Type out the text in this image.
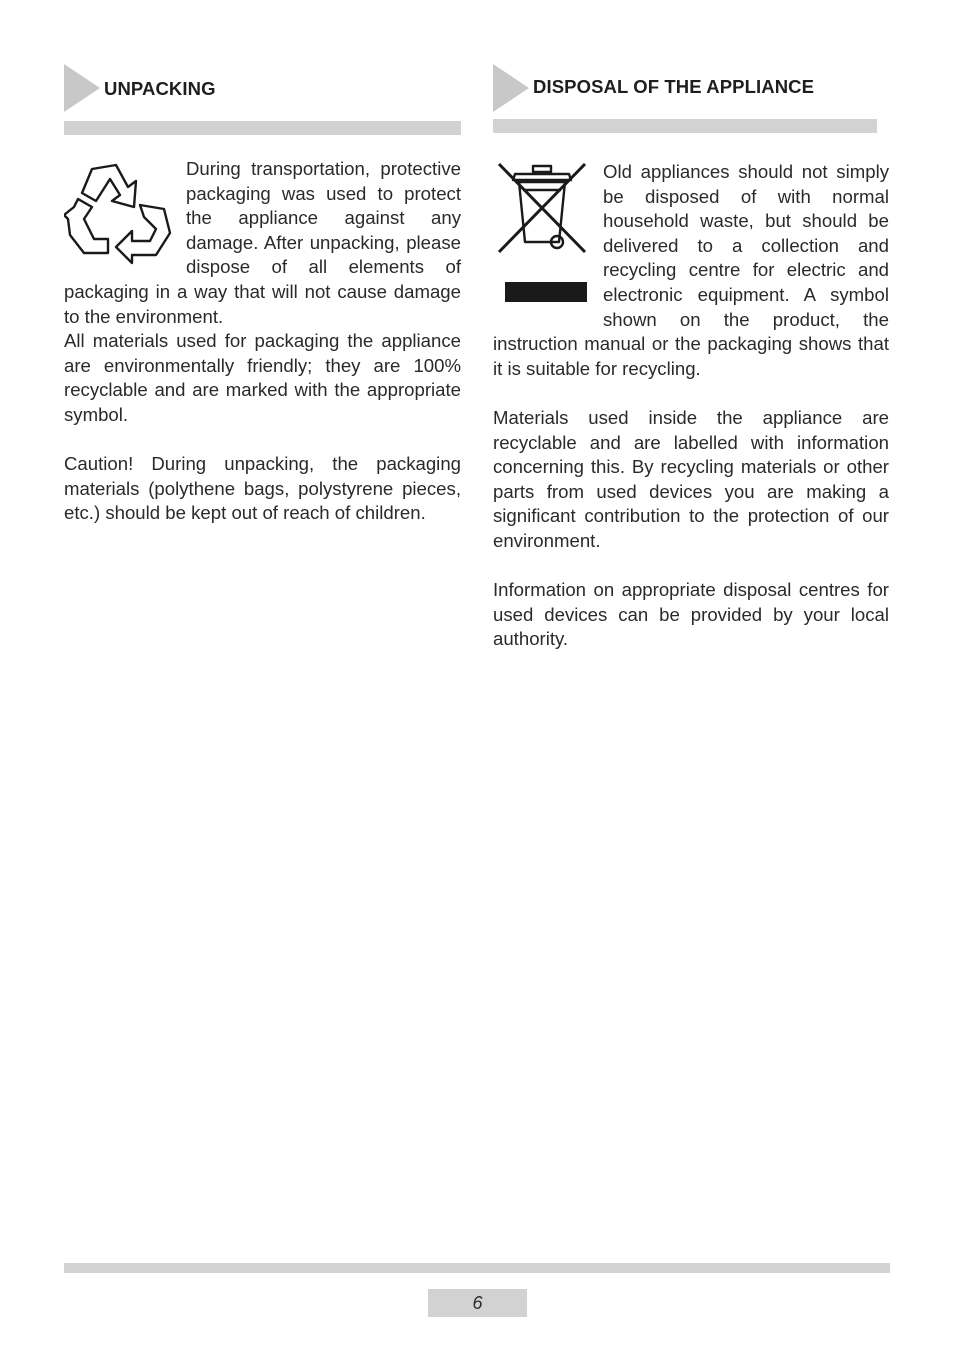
UNPACKING

During transportation, protective packaging was used to protect the appliance against any damage. After unpacking, please dispose of all elements of packaging in a way that will not cause damage to the environment.

All materials used for packaging the appliance are environmentally friendly; they are 100% recyclable and are marked with the appropriate symbol.

Caution! During unpacking, the packaging materials (polythene bags, polystyrene pieces, etc.) should be kept out of reach of children.

DISPOSAL OF THE APPLIANCE

Old appliances should not simply be disposed of with normal household waste, but should be delivered to a collection and recycling centre for electric and electronic equipment. A symbol shown on the product, the instruction manual or the packaging shows that it is suitable for recycling.

Materials used inside the appliance are recyclable and are labelled with information concerning this. By recycling materials or other parts from used devices you are making a significant contribution to the protection of our environment.

Information on appropriate disposal centres for used devices can be provided by your local authority.

6
